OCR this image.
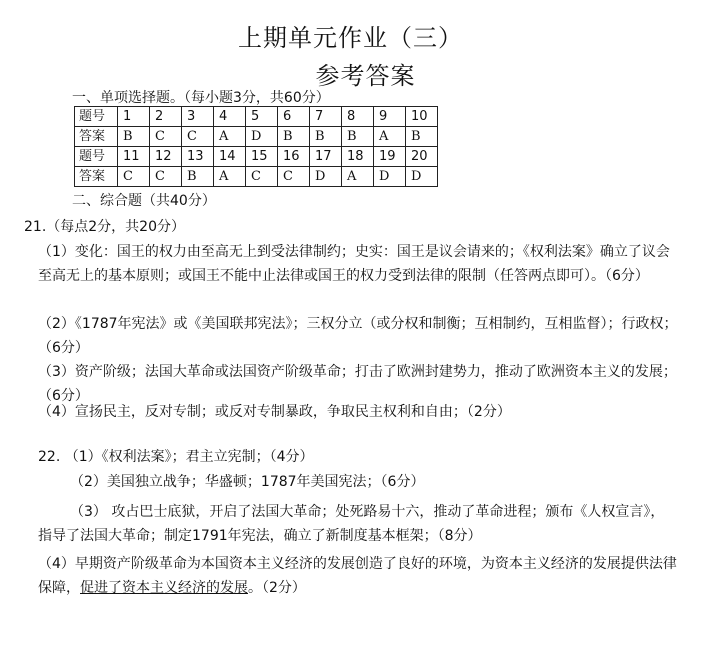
上期单元作业（三）
参考答案

一、单项选择题。（每小题3分，共60分）

题号	1	2	3	4	5	6	7	8	9	10
答案	B	C	C	A	D	B	B	B	A	B
题号	11	12	13	14	15	16	17	18	19	20
答案	C	C	B	A	C	C	D	A	D	D

二、综合题（共40分）

21.（每点2分，共20分）

（1）变化：国王的权力由至高无上到受法律制约；史实：国王是议会请来的；《权利法案》确立了议会至高无上的基本原则；或国王不能中止法律或国王的权力受到法律的限制（任答两点即可）。（6分）

（2）《1787年宪法》或《美国联邦宪法》；三权分立（或分权和制衡；互相制约，互相监督）；行政权；（6分）

（3）资产阶级；法国大革命或法国资产阶级革命；打击了欧洲封建势力，推动了欧洲资本主义的发展；（6分）

（4）宣扬民主，反对专制；或反对专制暴政，争取民主权利和自由；（2分）

22. （1）《权利法案》；君主立宪制；（4分）

（2）美国独立战争；华盛顿；1787年美国宪法；（6分）

（3） 攻占巴士底狱，开启了法国大革命；处死路易十六，推动了革命进程；颁布《人权宣言》，指导了法国大革命；制定1791年宪法，确立了新制度基本框架；（8分）

（4）早期资产阶级革命为本国资本主义经济的发展创造了良好的环境，为资本主义经济的发展提供法律保障，促进了资本主义经济的发展。（2分）
